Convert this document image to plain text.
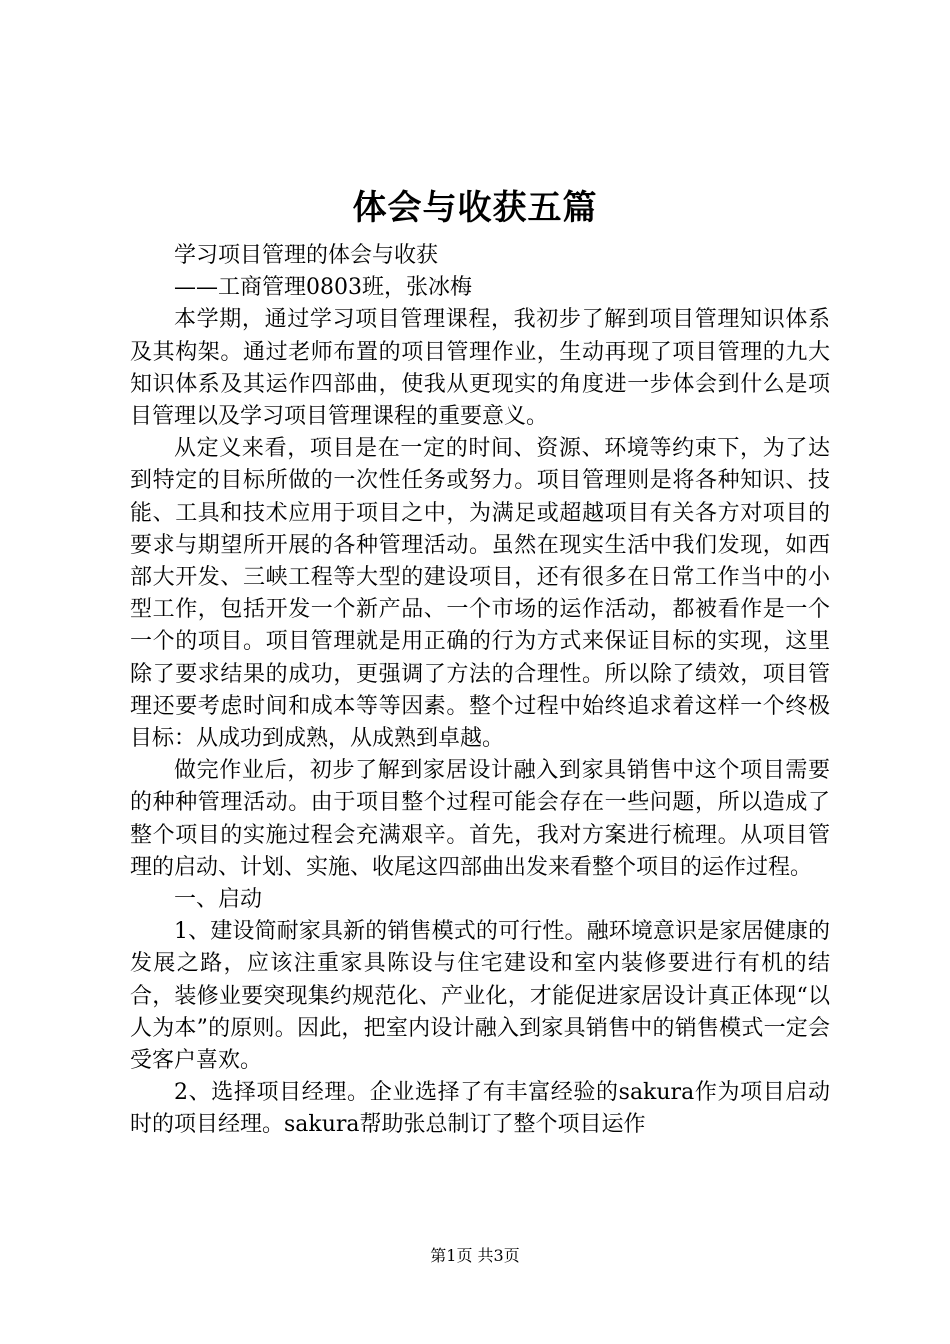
体会与收获五篇

学习项目管理的体会与收获

——工商管理0803班，张冰梅

本学期，通过学习项目管理课程，我初步了解到项目管理知识体系及其构架。通过老师布置的项目管理作业，生动再现了项目管理的九大知识体系及其运作四部曲，使我从更现实的角度进一步体会到什么是项目管理以及学习项目管理课程的重要意义。

从定义来看，项目是在一定的时间、资源、环境等约束下，为了达到特定的目标所做的一次性任务或努力。项目管理则是将各种知识、技能、工具和技术应用于项目之中，为满足或超越项目有关各方对项目的要求与期望所开展的各种管理活动。虽然在现实生活中我们发现，如西部大开发、三峡工程等大型的建设项目，还有很多在日常工作当中的小型工作，包括开发一个新产品、一个市场的运作活动，都被看作是一个一个的项目。项目管理就是用正确的行为方式来保证目标的实现，这里除了要求结果的成功，更强调了方法的合理性。所以除了绩效，项目管理还要考虑时间和成本等等因素。整个过程中始终追求着这样一个终极目标：从成功到成熟，从成熟到卓越。

做完作业后，初步了解到家居设计融入到家具销售中这个项目需要的种种管理活动。由于项目整个过程可能会存在一些问题，所以造成了整个项目的实施过程会充满艰辛。首先，我对方案进行梳理。从项目管理的启动、计划、实施、收尾这四部曲出发来看整个项目的运作过程。

一、启动

1、建设简耐家具新的销售模式的可行性。融环境意识是家居健康的发展之路，应该注重家具陈设与住宅建设和室内装修要进行有机的结合，装修业要突现集约规范化、产业化，才能促进家居设计真正体现“以人为本”的原则。因此，把室内设计融入到家具销售中的销售模式一定会受客户喜欢。

2、选择项目经理。企业选择了有丰富经验的sakura作为项目启动时的项目经理。sakura帮助张总制订了整个项目运作

第1页 共3页
